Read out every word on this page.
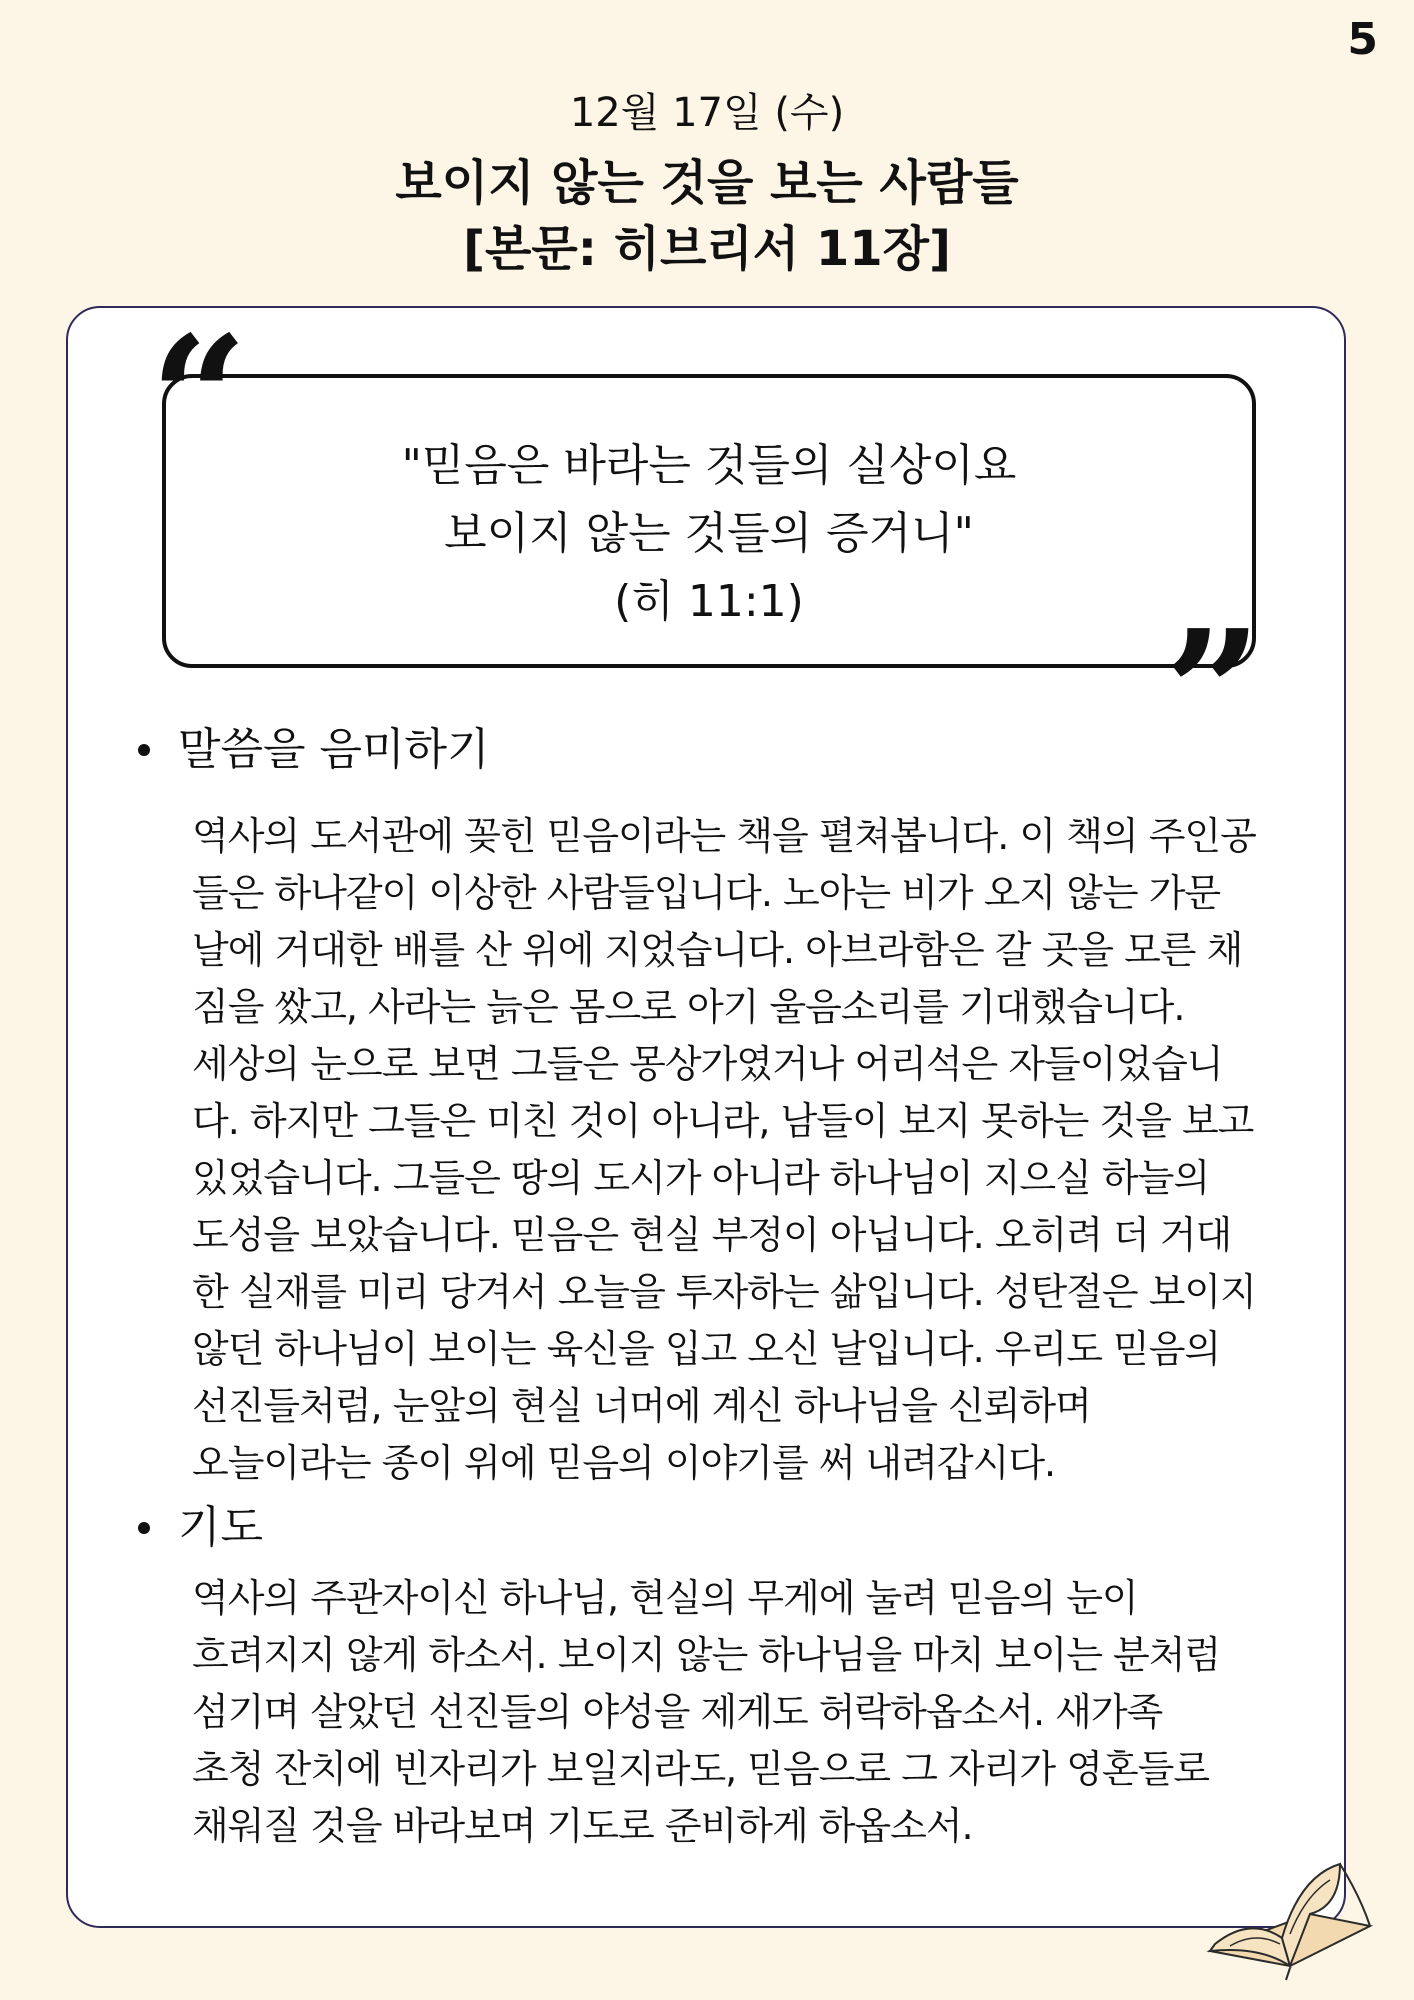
5
12월 17일 (수)
보이지 않는 것을 보는 사람들
[본문: 히브리서 11장]
"믿음은 바라는 것들의 실상이요
보이지 않는 것들의 증거니"
(히 11:1)
“
”
말씀을 음미하기
역사의 도서관에 꽂힌 믿음이라는 책을 펼쳐봅니다. 이 책의 주인공
들은 하나같이 이상한 사람들입니다. 노아는 비가 오지 않는 가문
날에 거대한 배를 산 위에 지었습니다. 아브라함은 갈 곳을 모른 채
짐을 쌌고, 사라는 늙은 몸으로 아기 울음소리를 기대했습니다.
세상의 눈으로 보면 그들은 몽상가였거나 어리석은 자들이었습니
다. 하지만 그들은 미친 것이 아니라, 남들이 보지 못하는 것을 보고
있었습니다. 그들은 땅의 도시가 아니라 하나님이 지으실 하늘의
도성을 보았습니다. 믿음은 현실 부정이 아닙니다. 오히려 더 거대
한 실재를 미리 당겨서 오늘을 투자하는 삶입니다. 성탄절은 보이지
않던 하나님이 보이는 육신을 입고 오신 날입니다. 우리도 믿음의
선진들처럼, 눈앞의 현실 너머에 계신 하나님을 신뢰하며
오늘이라는 종이 위에 믿음의 이야기를 써 내려갑시다.
기도
역사의 주관자이신 하나님, 현실의 무게에 눌려 믿음의 눈이
흐려지지 않게 하소서. 보이지 않는 하나님을 마치 보이는 분처럼
섬기며 살았던 선진들의 야성을 제게도 허락하옵소서. 새가족
초청 잔치에 빈자리가 보일지라도, 믿음으로 그 자리가 영혼들로
채워질 것을 바라보며 기도로 준비하게 하옵소서.
